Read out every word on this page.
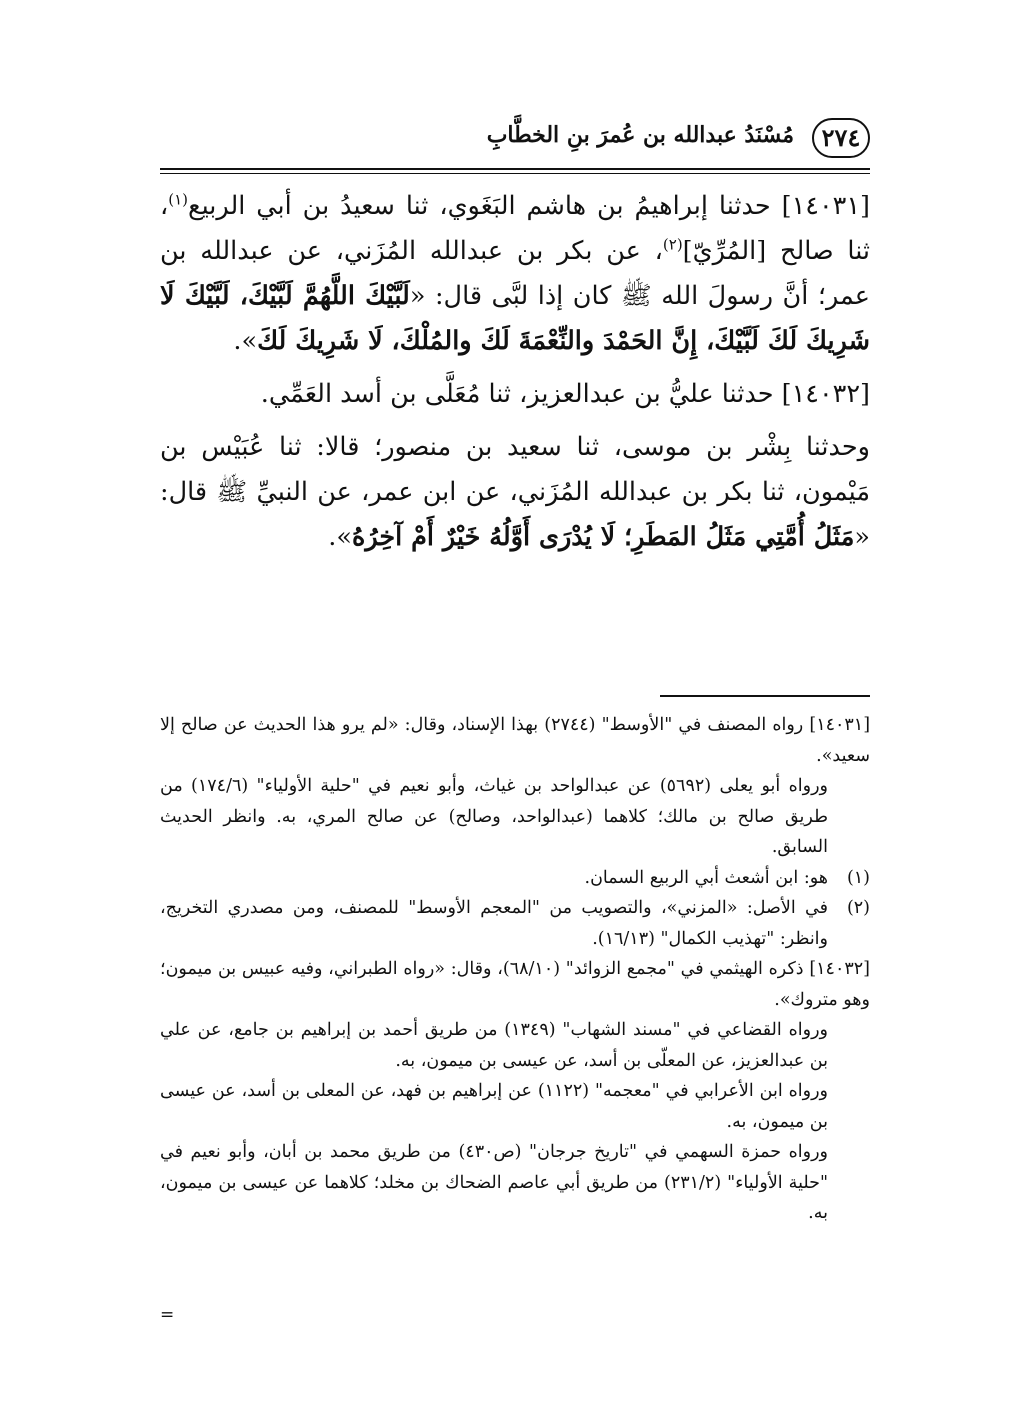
٢٧٤
مُسْنَدُ عبدالله بن عُمرَ بنِ الخطَّابِ

[١٤٠٣١] حدثنا إبراهيمُ بن هاشم البَغَوي، ثنا سعيدُ بن أبي الربيع$^{(١)}$، ثنا صالح [المُرِّيّ]$^{(٢)}$، عن بكر بن عبدالله المُزَني، عن عبدالله بن عمر؛ أنَّ رسولَ الله ﷺ كان إذا لبَّى قال: «لَبَّيْكَ اللَّهُمَّ لَبَّيْكَ، لَبَّيْكَ لَا شَرِيكَ لَكَ لَبَّيْكَ، إِنَّ الحَمْدَ والنِّعْمَةَ لَكَ والمُلْكَ، لَا شَرِيكَ لَكَ».

[١٤٠٣٢] حدثنا عليُّ بن عبدالعزيز، ثنا مُعَلَّى بن أسد العَمِّي.

وحدثنا بِشْر بن موسى، ثنا سعيد بن منصور؛ قالا: ثنا عُبَيْس بن مَيْمون، ثنا بكر بن عبدالله المُزَني، عن ابن عمر، عن النبيِّ ﷺ قال: «مَثَلُ أُمَّتِي مَثَلُ المَطَرِ؛ لَا يُدْرَى أَوَّلُهُ خَيْرٌ أَمْ آخِرُهُ».

[١٤٠٣١] رواه المصنف في "الأوسط" (٢٧٤٤) بهذا الإسناد، وقال: «لم يرو هذا الحديث عن صالح إلا سعيد».

ورواه أبو يعلى (٥٦٩٢) عن عبدالواحد بن غياث، وأبو نعيم في "حلية الأولياء" (١٧٤/٦) من طريق صالح بن مالك؛ كلاهما (عبدالواحد، وصالح) عن صالح المري، به. وانظر الحديث السابق.

(١)
هو: ابن أشعث أبي الربيع السمان.

(٢)
في الأصل: «المزني»، والتصويب من "المعجم الأوسط" للمصنف، ومن مصدري التخريج، وانظر: "تهذيب الكمال" (١٦/١٣).

[١٤٠٣٢] ذكره الهيثمي في "مجمع الزوائد" (٦٨/١٠)، وقال: «رواه الطبراني، وفيه عبيس بن ميمون؛ وهو متروك».

ورواه القضاعي في "مسند الشهاب" (١٣٤٩) من طريق أحمد بن إبراهيم بن جامع، عن علي بن عبدالعزيز، عن المعلّى بن أسد، عن عيسى بن ميمون، به.

ورواه ابن الأعرابي في "معجمه" (١١٢٢) عن إبراهيم بن فهد، عن المعلى بن أسد، عن عيسى بن ميمون، به.

ورواه حمزة السهمي في "تاريخ جرجان" (ص٤٣٠) من طريق محمد بن أبان، وأبو نعيم في "حلية الأولياء" (٢٣١/٢) من طريق أبي عاصم الضحاك بن مخلد؛ كلاهما عن عيسى بن ميمون، به.

=
